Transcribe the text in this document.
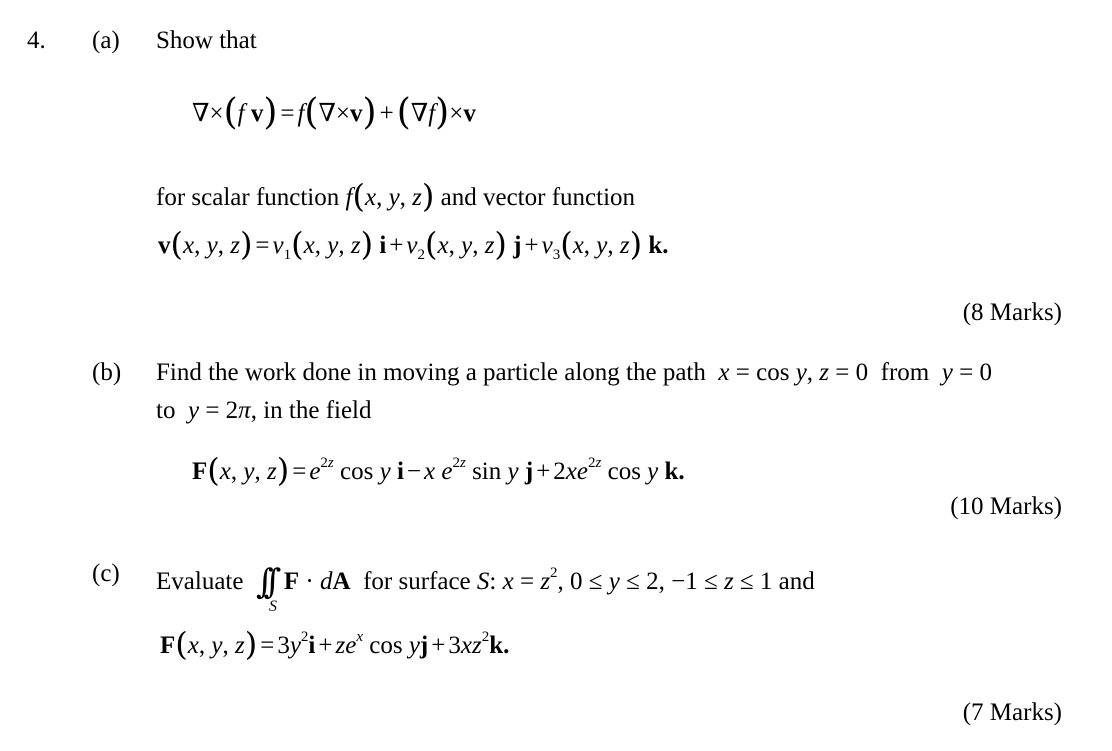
4. (a) Show that
∇×(f v) = f(∇×v) +(∇f)×v
for scalar function f(x, y, z) and vector function
v(x, y, $z) = v_1(x$, y, z) $i + v_2(x$, y, z) $j + v_3(x$, y, z) k.
(8 Marks)
(b) Find the work done in moving a particle along the path x = cos y, z = 0  from y = 0
to y = 2π, in the field
F(x, y, $z) = e^{2z}$ cos y i − x $e^{2z}$ sin y $j + 2xe^{2z}$ cos y k.
(10 Marks)
(c) Evaluate ∫∫ F · dA for surface S: $x = z^2$, 0 ≤ y ≤ 2, −1 ≤ z ≤ 1 and
S
F(x, y, $z) = 3y^2i + ze^x$ cos yj + $3xz^2k$.
(7 Marks)
